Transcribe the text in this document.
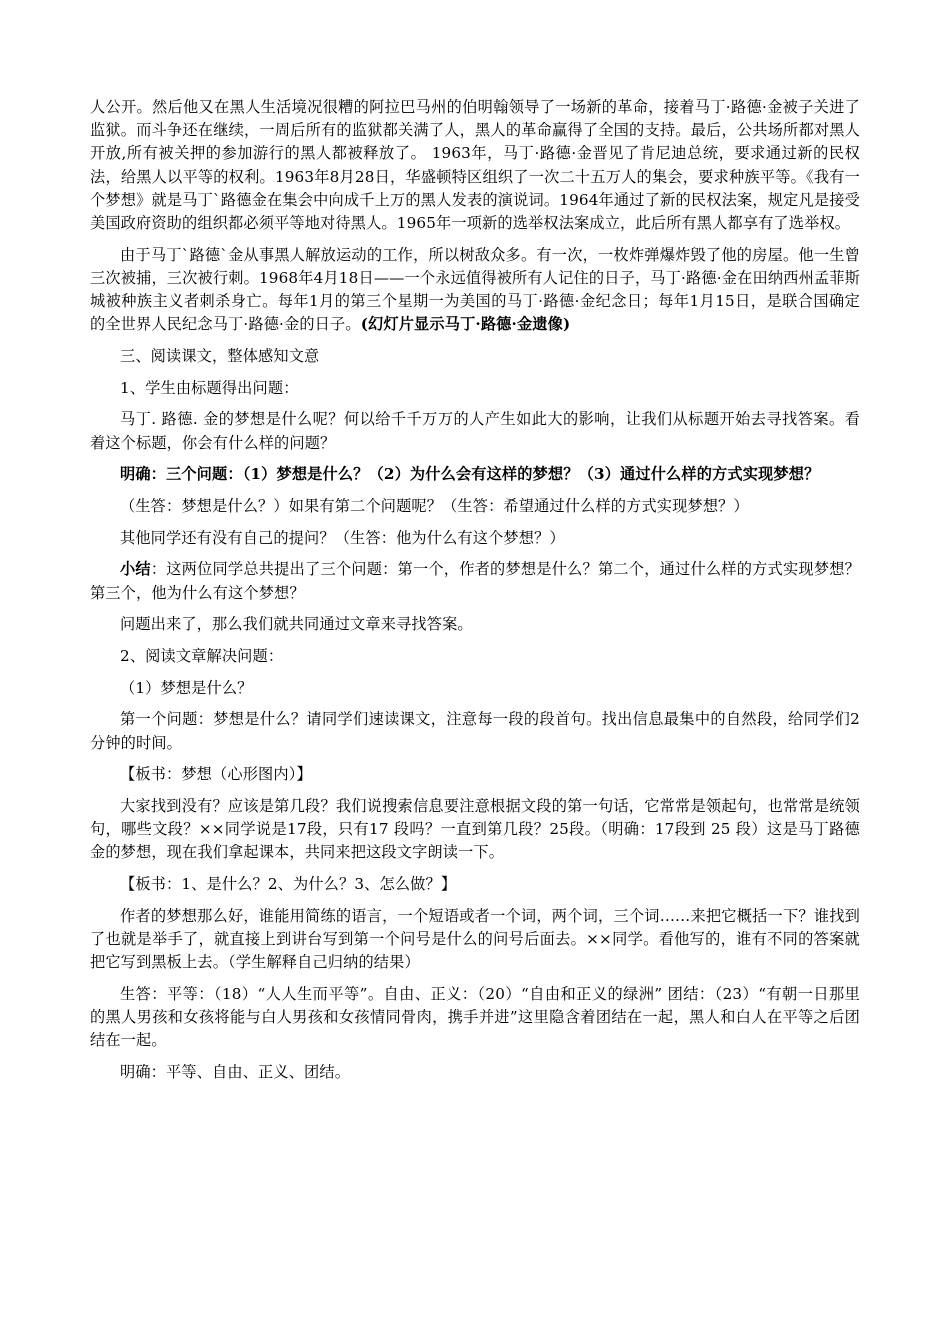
人公开。然后他又在黑人生活境况很糟的阿拉巴马州的伯明翰领导了一场新的革命，接着马丁·路德·金被子关进了监狱。而斗争还在继续，一周后所有的监狱都关满了人，黑人的革命赢得了全国的支持。最后，公共场所都对黑人开放,所有被关押的参加游行的黑人都被释放了。 1963年，马丁·路德·金晋见了肯尼迪总统，要求通过新的民权法，给黑人以平等的权利。1963年8月28日，华盛顿特区组织了一次二十五万人的集会，要求种族平等。《我有一个梦想》就是马丁`路德金在集会中向成千上万的黑人发表的演说词。1964年通过了新的民权法案，规定凡是接受美国政府资助的组织都必须平等地对待黑人。1965年一项新的选举权法案成立，此后所有黑人都享有了选举权。

由于马丁`路德`金从事黑人解放运动的工作，所以树敌众多。有一次，一枚炸弹爆炸毁了他的房屋。他一生曾三次被捕，三次被行刺。1968年4月18日——一个永远值得被所有人记住的日子，马丁·路德·金在田纳西州孟菲斯城被种族主义者刺杀身亡。每年1月的第三个星期一为美国的马丁·路德·金纪念日；每年1月15日，是联合国确定的全世界人民纪念马丁·路德·金的日子。(幻灯片显示马丁·路德·金遗像)

三、阅读课文，整体感知文意

1、学生由标题得出问题：

马丁. 路德. 金的梦想是什么呢？何以给千千万万的人产生如此大的影响，让我们从标题开始去寻找答案。看着这个标题，你会有什么样的问题？

明确：三个问题：（1）梦想是什么？（2）为什么会有这样的梦想？（3）通过什么样的方式实现梦想？

（生答：梦想是什么？）如果有第二个问题呢？（生答：希望通过什么样的方式实现梦想？）

其他同学还有没有自己的提问？（生答：他为什么有这个梦想？）

小结：这两位同学总共提出了三个问题：第一个，作者的梦想是什么？第二个，通过什么样的方式实现梦想？第三个，他为什么有这个梦想？

问题出来了，那么我们就共同通过文章来寻找答案。

2、阅读文章解决问题：

（1）梦想是什么？

第一个问题：梦想是什么？请同学们速读课文，注意每一段的段首句。找出信息最集中的自然段，给同学们2分钟的时间。

【板书：梦想（心形图内）】

大家找到没有？应该是第几段？我们说搜索信息要注意根据文段的第一句话，它常常是领起句，也常常是统领句，哪些文段？××同学说是17段，只有17 段吗？一直到第几段？25段。（明确：17段到 25 段）这是马丁路德金的梦想，现在我们拿起课本，共同来把这段文字朗读一下。

【板书：1、是什么？2、为什么？3、怎么做？】

作者的梦想那么好，谁能用简练的语言，一个短语或者一个词，两个词，三个词……来把它概括一下？谁找到了也就是举手了，就直接上到讲台写到第一个问号是什么的问号后面去。××同学。看他写的，谁有不同的答案就把它写到黑板上去。（学生解释自己归纳的结果）

生答：平等：（18）“人人生而平等”。自由、正义：（20）“自由和正义的绿洲” 团结：（23）“有朝一日那里的黑人男孩和女孩将能与白人男孩和女孩情同骨肉，携手并进”这里隐含着团结在一起，黑人和白人在平等之后团结在一起。

明确：平等、自由、正义、团结。
